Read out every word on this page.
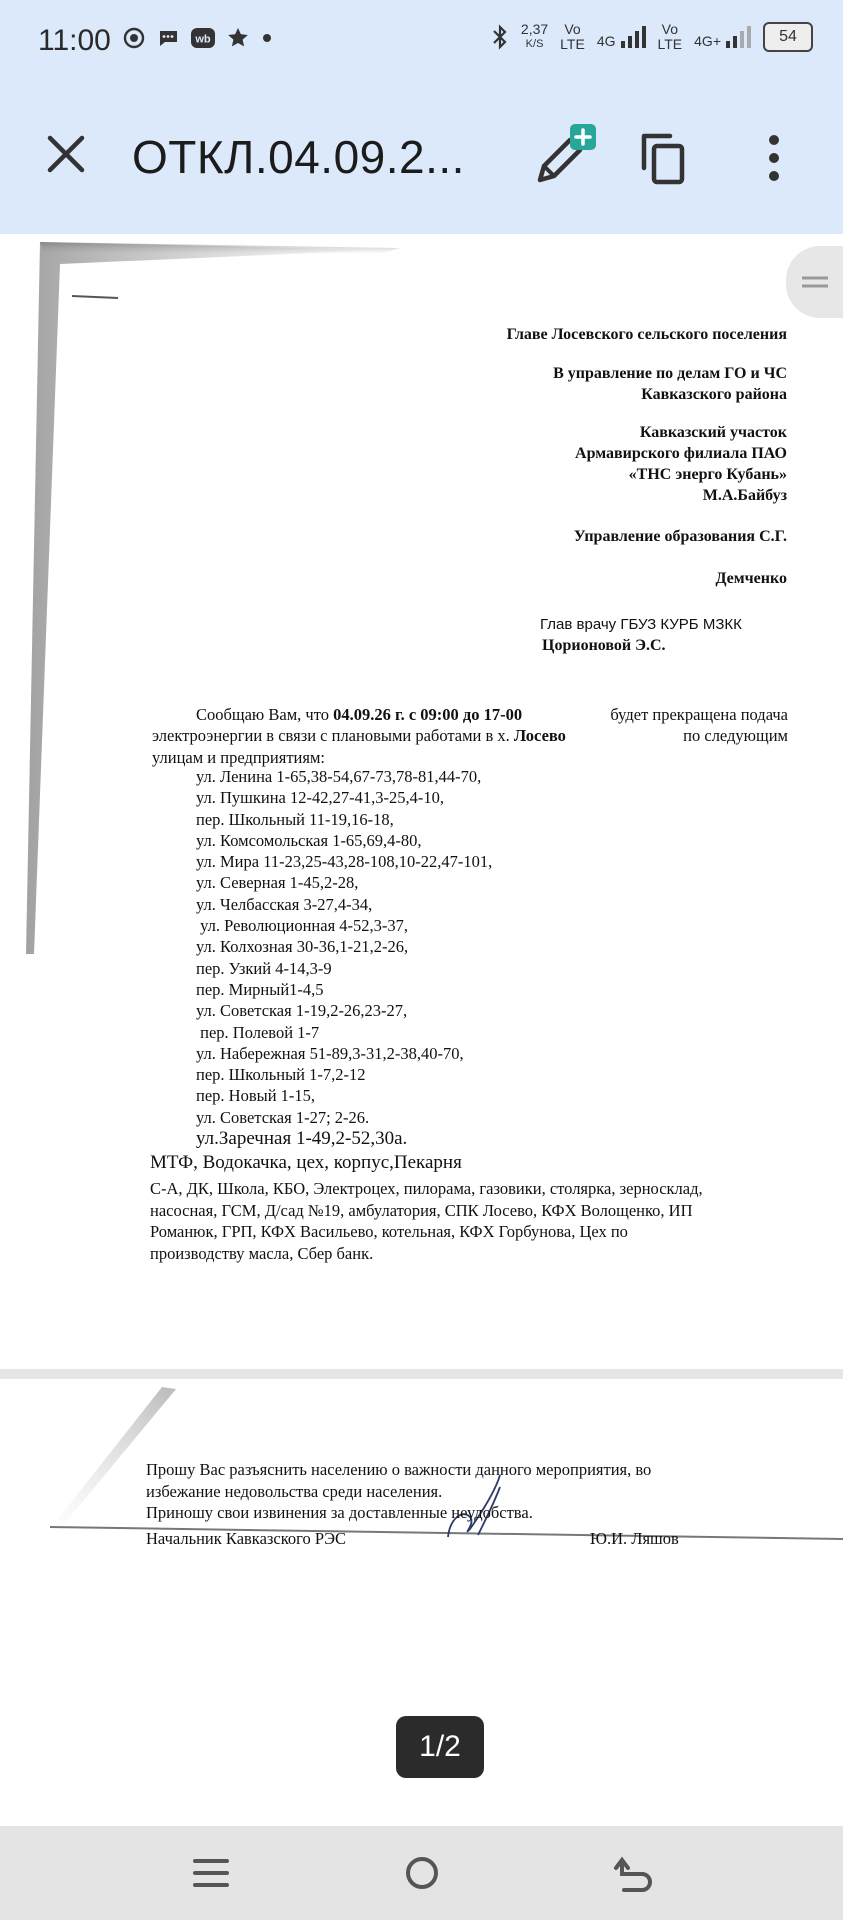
11:00	wb
2,37
K/S
Vo
LTE 4G
Vo
LTE 4G+	54
ОТКЛ.04.09.2...
Главе Лосевского сельского поселения
В управление по делам ГО и ЧС
Кавказского района
Кавказский участок
Армавирского филиала ПАО
«ТНС энерго Кубань»
М.А.Байбуз
Управление образования С.Г.
Демченко
Глав врачу ГБУЗ КУРБ МЗКК
Цорионовой Э.С.
Сообщаю Вам, что 04.09.26 г. с 09:00 до 17-00	будет прекращена подача
электроэнергии в связи с плановыми работами в х. Лосево	по следующим
улицам и предприятиям:
ул. Ленина 1-65,38-54,67-73,78-81,44-70,
ул. Пушкина 12-42,27-41,3-25,4-10,
пер. Школьный 11-19,16-18,
ул. Комсомольская 1-65,69,4-80,
ул. Мира 11-23,25-43,28-108,10-22,47-101,
ул. Северная 1-45,2-28,
ул. Челбасская 3-27,4-34,
ул. Революционная 4-52,3-37,
ул. Колхозная 30-36,1-21,2-26,
пер. Узкий 4-14,3-9
пер. Мирный1-4,5
ул. Советская 1-19,2-26,23-27,
пер. Полевой 1-7
ул. Набережная 51-89,3-31,2-38,40-70,
пер. Школьный 1-7,2-12
пер. Новый 1-15,
ул. Советская 1-27; 2-26.
ул.Заречная 1-49,2-52,30а.
МТФ, Водокачка, цех, корпус,Пекарня
С-А, ДК, Школа, КБО, Электроцех, пилорама, газовики, столярка, зерносклад,
насосная, ГСМ, Д/сад №19, амбулатория, СПК Лосево, КФХ Волощенко, ИП
Романюк, ГРП, КФХ Васильево, котельная, КФХ Горбунова, Цех по
производству масла, Сбер банк.
Прошу Вас разъяснить населению о важности данного мероприятия, во
избежание недовольства среди населения.
Приношу свои извинения за доставленные неудобства.
Начальник Кавказского РЭС	Ю.И. Ляшов
1/2
